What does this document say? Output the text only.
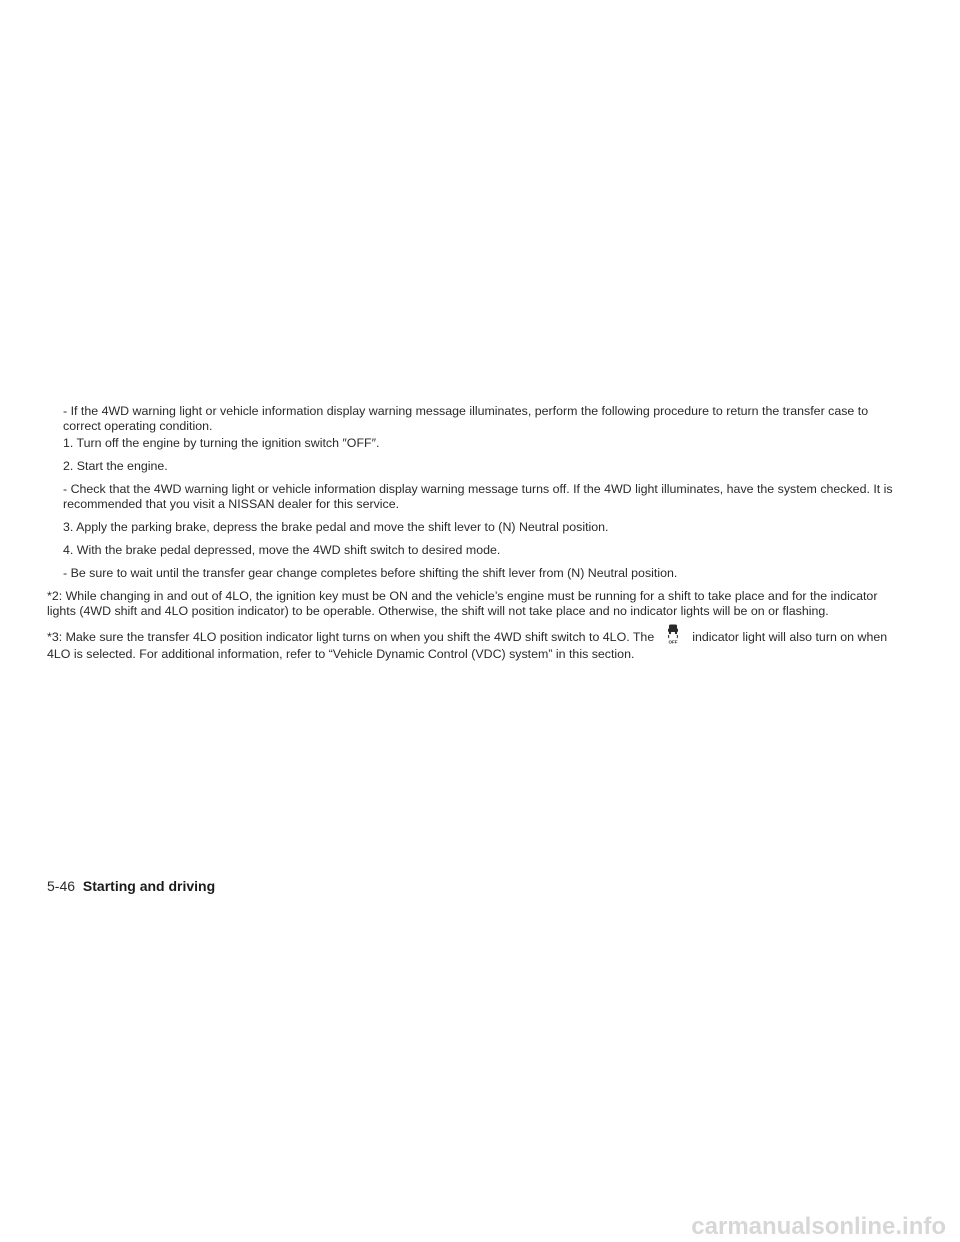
- If the 4WD warning light or vehicle information display warning message illuminates, perform the following procedure to return the transfer case to correct operating condition.

1. Turn off the engine by turning the ignition switch ″OFF″.

2. Start the engine.

- Check that the 4WD warning light or vehicle information display warning message turns off. If the 4WD light illuminates, have the system checked. It is recommended that you visit a NISSAN dealer for this service.

3. Apply the parking brake, depress the brake pedal and move the shift lever to (N) Neutral position.

4. With the brake pedal depressed, move the 4WD shift switch to desired mode.

- Be sure to wait until the transfer gear change completes before shifting the shift lever from (N) Neutral position.

*2: While changing in and out of 4LO, the ignition key must be ON and the vehicle’s engine must be running for a shift to take place and for the indicator lights (4WD shift and 4LO position indicator) to be operable. Otherwise, the shift will not take place and no indicator lights will be on or flashing.

*3: Make sure the transfer 4LO position indicator light turns on when you shift the 4WD shift switch to 4LO. The	OFF indicator light will also turn on when 4LO is selected. For additional information, refer to “Vehicle Dynamic Control (VDC) system” in this section.

5-46 Starting and driving
carmanualsonline.info
